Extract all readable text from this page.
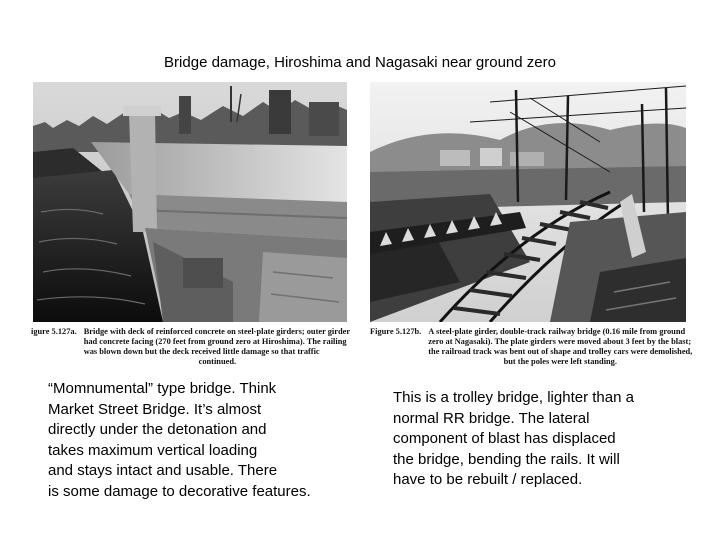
Bridge damage, Hiroshima and Nagasaki near ground zero
igure 5.127a. Bridge with deck of reinforced concrete on steel-plate girders; outer girder
had concrete facing (270 feet from ground zero at Hiroshima). The railing
was blown down but the deck received little damage so that traffic
continued.
Figure 5.127b. A steel-plate girder, double-track railway bridge (0.16 mile from ground
zero at Nagasaki). The plate girders were moved about 3 feet by the blast;
the railroad track was bent out of shape and trolley cars were demolished,
but the poles were left standing.
“Momnumental” type bridge. Think
Market Street Bridge. It’s almost
directly under the detonation and
takes maximum vertical loading
and stays intact and usable. There
is some damage to decorative features.
This is a trolley bridge, lighter than a
normal RR bridge. The lateral
component of blast has displaced
the bridge, bending the rails. It will
have to be rebuilt / replaced.
